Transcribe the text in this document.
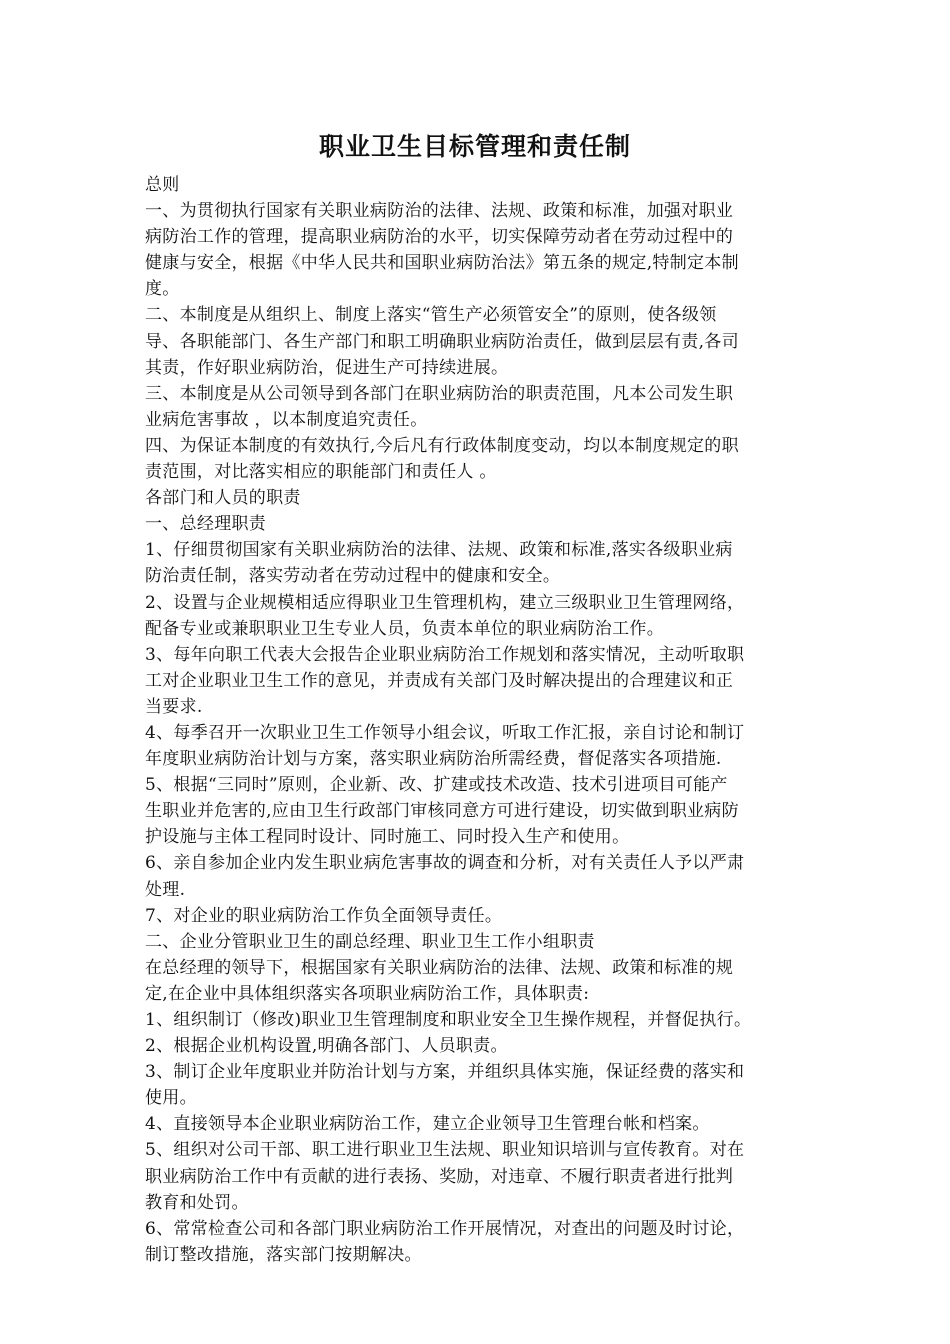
职业卫生目标管理和责任制
总则
一、为贯彻执行国家有关职业病防治的法律、法规、政策和标准，加强对职业
病防治工作的管理，提高职业病防治的水平，切实保障劳动者在劳动过程中的
健康与安全，根据《中华人民共和国职业病防治法》第五条的规定,特制定本制
度。
二、本制度是从组织上、制度上落实“管生产必须管安全”的原则，使各级领
导、各职能部门、各生产部门和职工明确职业病防治责任，做到层层有责,各司
其责，作好职业病防治，促进生产可持续进展。
三、本制度是从公司领导到各部门在职业病防治的职责范围，凡本公司发生职
业病危害事故 ，以本制度追究责任。
四、为保证本制度的有效执行,今后凡有行政体制度变动，均以本制度规定的职
责范围，对比落实相应的职能部门和责任人 。
各部门和人员的职责
一、总经理职责
1、仔细贯彻国家有关职业病防治的法律、法规、政策和标准,落实各级职业病
防治责任制，落实劳动者在劳动过程中的健康和安全。
2、设置与企业规模相适应得职业卫生管理机构，建立三级职业卫生管理网络，
配备专业或兼职职业卫生专业人员，负责本单位的职业病防治工作。
3、每年向职工代表大会报告企业职业病防治工作规划和落实情况，主动听取职
工对企业职业卫生工作的意见，并责成有关部门及时解决提出的合理建议和正
当要求.
4、每季召开一次职业卫生工作领导小组会议，听取工作汇报，亲自讨论和制订
年度职业病防治计划与方案，落实职业病防治所需经费，督促落实各项措施.
5、根据“三同时”原则，企业新、改、扩建或技术改造、技术引进项目可能产
生职业并危害的,应由卫生行政部门审核同意方可进行建设，切实做到职业病防
护设施与主体工程同时设计、同时施工、同时投入生产和使用。
6、亲自参加企业内发生职业病危害事故的调查和分析，对有关责任人予以严肃
处理.
7、对企业的职业病防治工作负全面领导责任。
二、企业分管职业卫生的副总经理、职业卫生工作小组职责
在总经理的领导下，根据国家有关职业病防治的法律、法规、政策和标准的规
定,在企业中具体组织落实各项职业病防治工作，具体职责:
1、组织制订（修改)职业卫生管理制度和职业安全卫生操作规程，并督促执行。
2、根据企业机构设置,明确各部门、人员职责。
3、制订企业年度职业并防治计划与方案，并组织具体实施，保证经费的落实和
使用。
4、直接领导本企业职业病防治工作，建立企业领导卫生管理台帐和档案。
5、组织对公司干部、职工进行职业卫生法规、职业知识培训与宣传教育。对在
职业病防治工作中有贡献的进行表扬、奖励，对违章、不履行职责者进行批判
教育和处罚。
6、常常检查公司和各部门职业病防治工作开展情况，对查出的问题及时讨论，
制订整改措施，落实部门按期解决。
